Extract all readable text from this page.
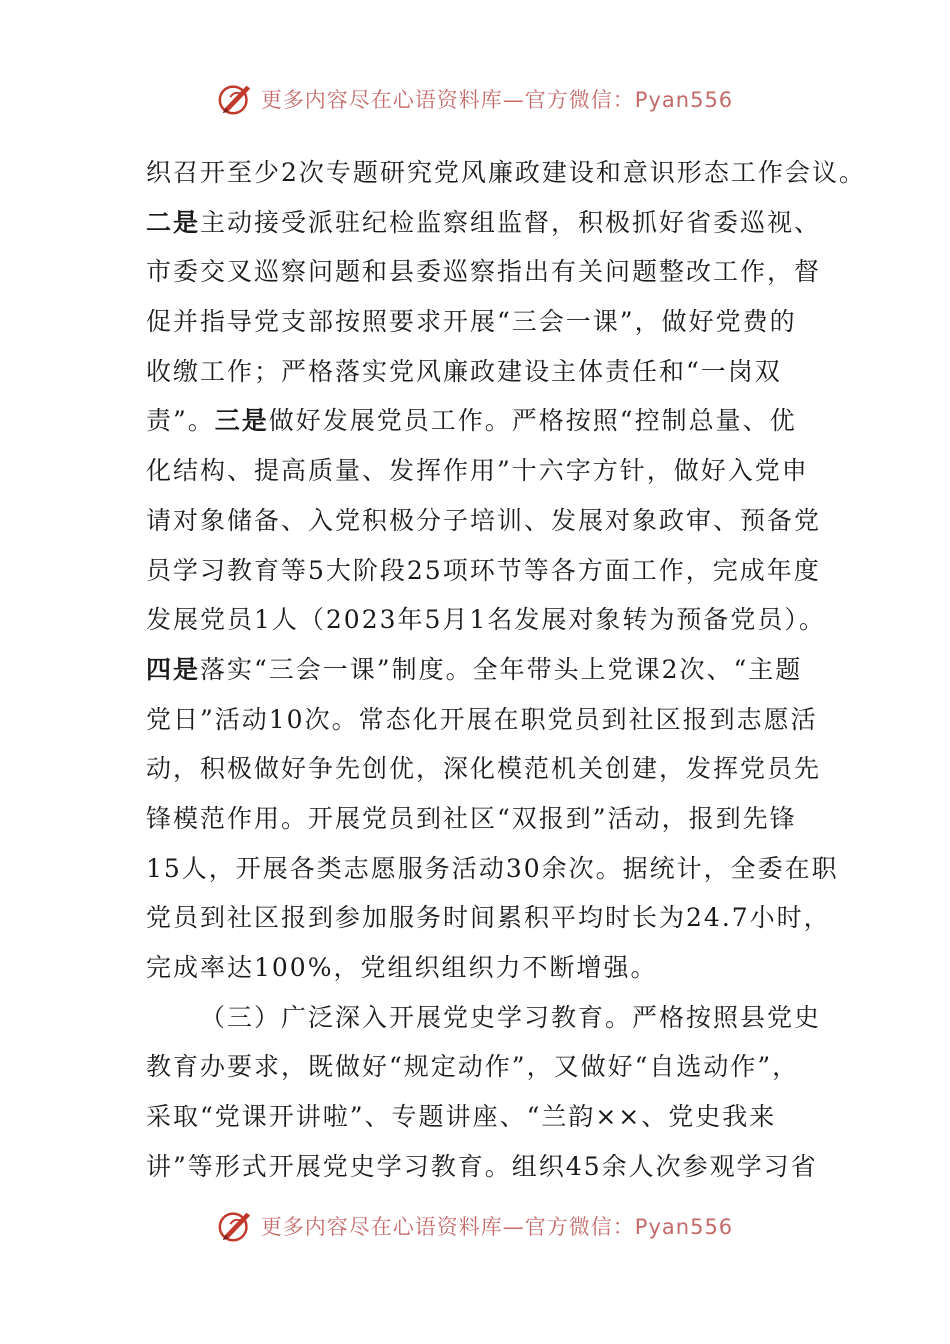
更多内容尽在心语资料库—官方微信：Pyan556
织召开至少2次专题研究党风廉政建设和意识形态工作会议。
二是主动接受派驻纪检监察组监督，积极抓好省委巡视、
市委交叉巡察问题和县委巡察指出有关问题整改工作，督
促并指导党支部按照要求开展“三会一课”，做好党费的
收缴工作；严格落实党风廉政建设主体责任和“一岗双
责”。三是做好发展党员工作。严格按照“控制总量、优
化结构、提高质量、发挥作用”十六字方针，做好入党申
请对象储备、入党积极分子培训、发展对象政审、预备党
员学习教育等5大阶段25项环节等各方面工作，完成年度
发展党员1人（2023年5月1名发展对象转为预备党员）。
四是落实“三会一课”制度。全年带头上党课2次、“主题
党日”活动10次。常态化开展在职党员到社区报到志愿活
动，积极做好争先创优，深化模范机关创建，发挥党员先
锋模范作用。开展党员到社区“双报到”活动，报到先锋
15人，开展各类志愿服务活动30余次。据统计，全委在职
党员到社区报到参加服务时间累积平均时长为24.7小时，
完成率达100%，党组织组织力不断增强。
（三）广泛深入开展党史学习教育。严格按照县党史
教育办要求，既做好“规定动作”，又做好“自选动作”，
采取“党课开讲啦”、专题讲座、“兰韵××、党史我来
讲”等形式开展党史学习教育。组织45余人次参观学习省
更多内容尽在心语资料库—官方微信：Pyan556
